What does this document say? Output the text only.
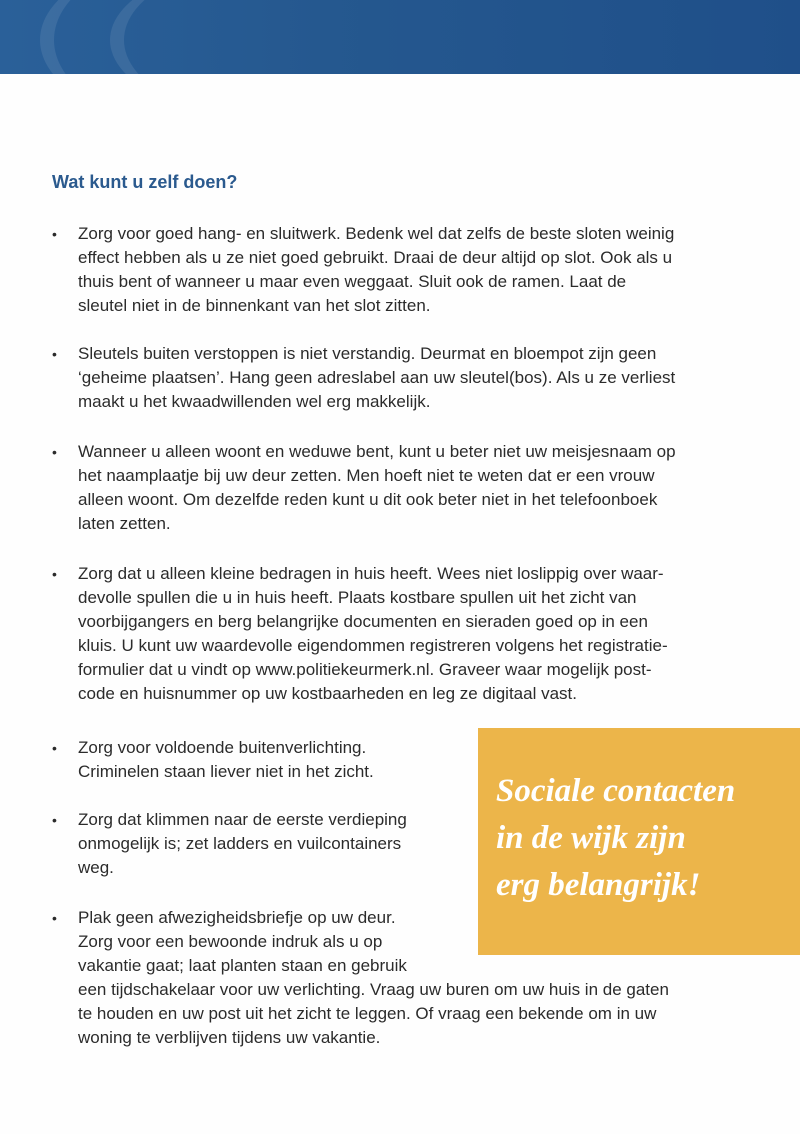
Wat kunt u zelf doen?
•	Zorg voor goed hang- en sluitwerk. Bedenk wel dat zelfs de beste sloten weinig
effect hebben als u ze niet goed gebruikt. Draai de deur altijd op slot. Ook als u
thuis bent of wanneer u maar even weggaat. Sluit ook de ramen. Laat de
sleutel niet in de binnenkant van het slot zitten.
•	Sleutels buiten verstoppen is niet verstandig. Deurmat en bloempot zijn geen
‘geheime plaatsen’. Hang geen adreslabel aan uw sleutel(bos). Als u ze verliest
maakt u het kwaadwillenden wel erg makkelijk.
•	Wanneer u alleen woont en weduwe bent, kunt u beter niet uw meisjesnaam op
het naamplaatje bij uw deur zetten. Men hoeft niet te weten dat er een vrouw
alleen woont. Om dezelfde reden kunt u dit ook beter niet in het telefoonboek
laten zetten.
•	Zorg dat u alleen kleine bedragen in huis heeft. Wees niet loslippig over waar-
devolle spullen die u in huis heeft. Plaats kostbare spullen uit het zicht van
voorbijgangers en berg belangrijke documenten en sieraden goed op in een
kluis. U kunt uw waardevolle eigendommen registreren volgens het registratie-
formulier dat u vindt op www.politiekeurmerk.nl. Graveer waar mogelijk post-
code en huisnummer op uw kostbaarheden en leg ze digitaal vast.
•	Zorg voor voldoende buitenverlichting.
Criminelen staan liever niet in het zicht.
•	Zorg dat klimmen naar de eerste verdieping
onmogelijk is; zet ladders en vuilcontainers
weg.
•	Plak geen afwezigheidsbriefje op uw deur.
Zorg voor een bewoonde indruk als u op
vakantie gaat; laat planten staan en gebruik
een tijdschakelaar voor uw verlichting. Vraag uw buren om uw huis in de gaten
te houden en uw post uit het zicht te leggen. Of vraag een bekende om in uw
woning te verblijven tijdens uw vakantie.
Sociale contacten
in de wijk zijn
erg belangrijk!
